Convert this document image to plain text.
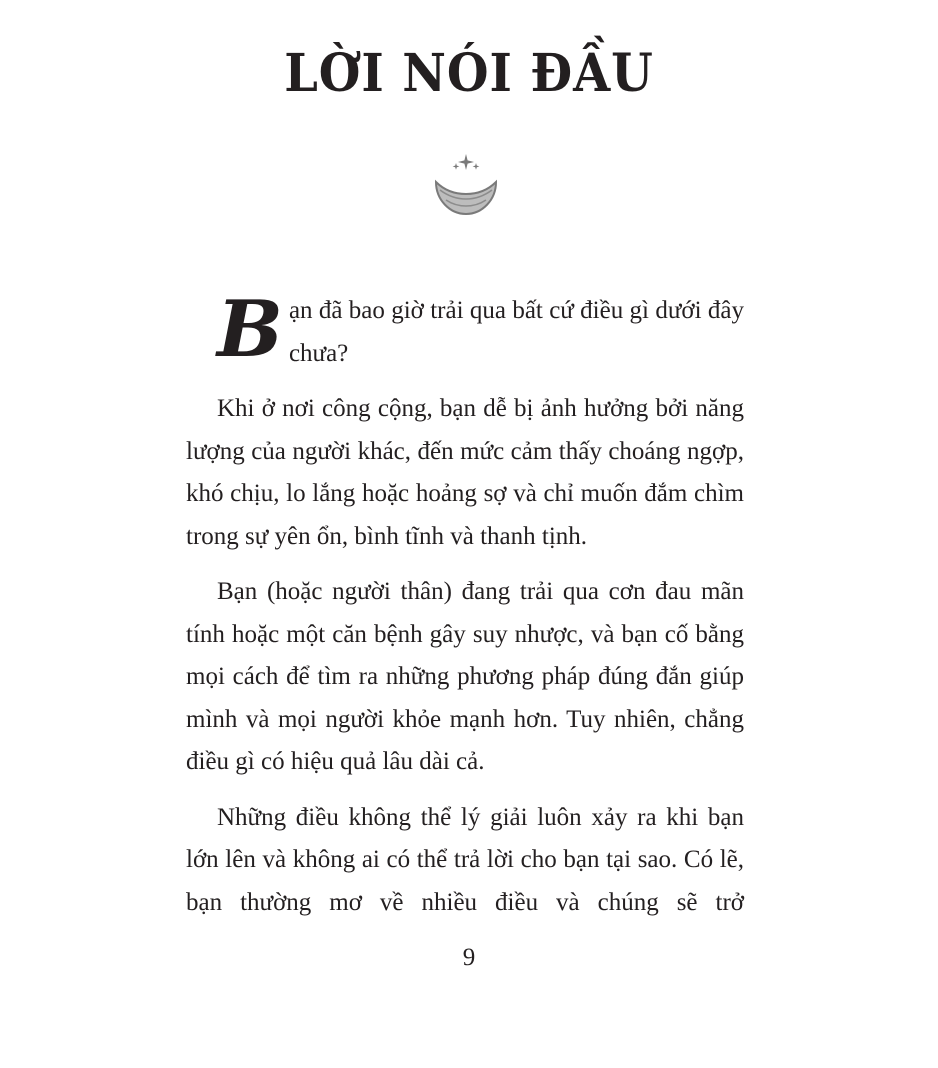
LỜI NÓI ĐẦU

Bạn đã bao giờ trải qua bất cứ điều gì dưới đây chưa?

Khi ở nơi công cộng, bạn dễ bị ảnh hưởng bởi năng lượng của người khác, đến mức cảm thấy choáng ngợp, khó chịu, lo lắng hoặc hoảng sợ và chỉ muốn đắm chìm trong sự yên ổn, bình tĩnh và thanh tịnh.

Bạn (hoặc người thân) đang trải qua cơn đau mãn tính hoặc một căn bệnh gây suy nhược, và bạn cố bằng mọi cách để tìm ra những phương pháp đúng đắn giúp mình và mọi người khỏe mạnh hơn. Tuy nhiên, chẳng điều gì có hiệu quả lâu dài cả.

Những điều không thể lý giải luôn xảy ra khi bạn lớn lên và không ai có thể trả lời cho bạn tại sao. Có lẽ, bạn thường mơ về nhiều điều và chúng sẽ trở

9
